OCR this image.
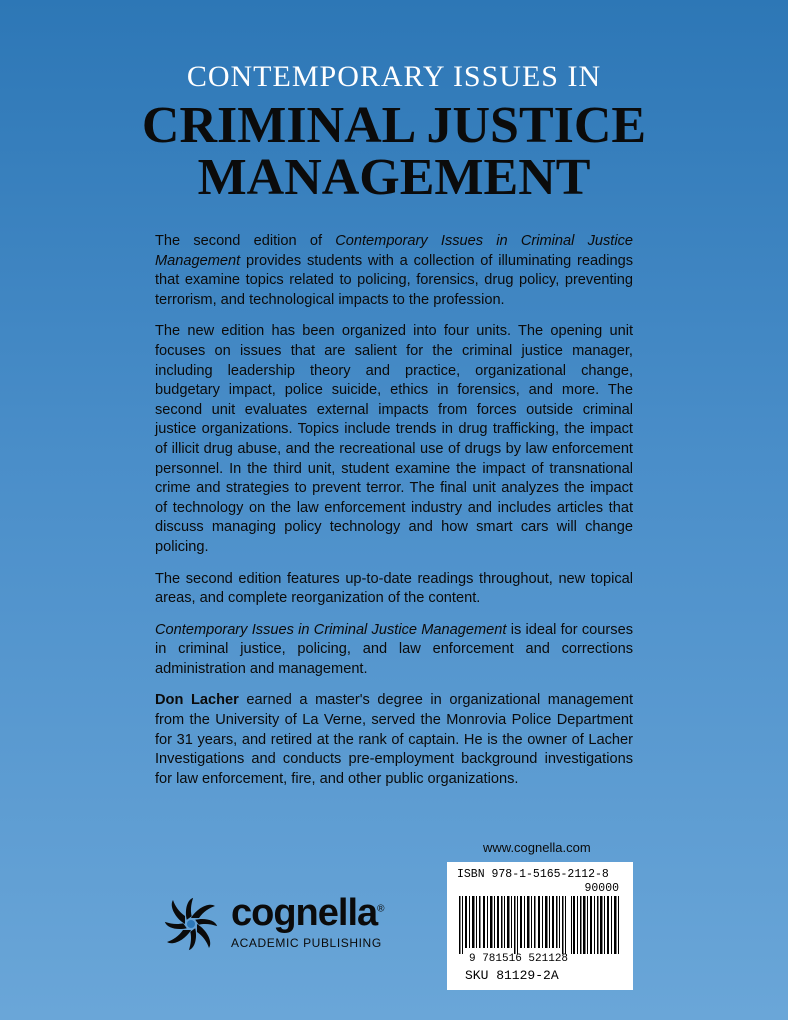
CONTEMPORARY ISSUES IN
CRIMINAL JUSTICE
MANAGEMENT

The second edition of Contemporary Issues in Criminal Justice Management provides students with a collection of illuminating readings that examine topics related to policing, forensics, drug policy, preventing terrorism, and technological impacts to the profession.

The new edition has been organized into four units. The opening unit focuses on issues that are salient for the criminal justice manager, including leadership theory and practice, organizational change, budgetary impact, police suicide, ethics in forensics, and more. The second unit evaluates external impacts from forces outside criminal justice organizations. Topics include trends in drug trafficking, the impact of illicit drug abuse, and the recreational use of drugs by law enforcement personnel. In the third unit, student examine the impact of transnational crime and strategies to prevent terror. The final unit analyzes the impact of technology on the law enforcement industry and includes articles that discuss managing policy technology and how smart cars will change policing.

The second edition features up-to-date readings throughout, new topical areas, and complete reorganization of the content.

Contemporary Issues in Criminal Justice Management is ideal for courses in criminal justice, policing, and law enforcement and corrections administration and management.

Don Lacher earned a master's degree in organizational management from the University of La Verne, served the Monrovia Police Department for 31 years, and retired at the rank of captain. He is the owner of Lacher Investigations and conducts pre-employment background investigations for law enforcement, fire, and other public organizations.

www.cognella.com
cognella®
ACADEMIC PUBLISHING
ISBN 978-1-5165-2112-8
90000
9 781516 521128
SKU 81129-2A
